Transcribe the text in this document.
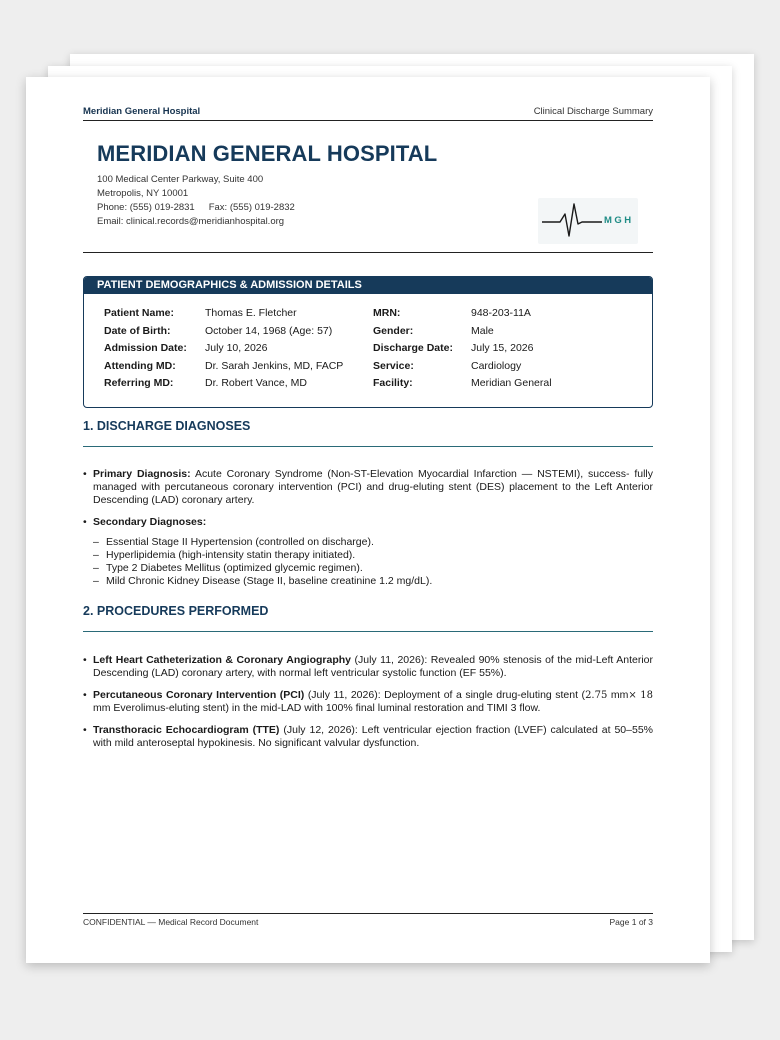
Meridian General Hospital	Clinical Discharge Summary
MERIDIAN GENERAL HOSPITAL
100 Medical Center Parkway, Suite 400
Metropolis, NY 10001
Phone: (555) 019-2831 Fax: (555) 019-2832
Email: clinical.records@meridianhospital.org	MGH
PATIENT DEMOGRAPHICS & ADMISSION DETAILS
Patient Name:	Thomas E. Fletcher	MRN:	948-203-11A
Date of Birth:	October 14, 1968 (Age: 57)	Gender:	Male
Admission Date:	July 10, 2026	Discharge Date:	July 15, 2026
Attending MD:	Dr. Sarah Jenkins, MD, FACP	Service:	Cardiology
Referring MD:	Dr. Robert Vance, MD	Facility:	Meridian General
1. DISCHARGE DIAGNOSES
• Primary Diagnosis: Acute Coronary Syndrome (Non-ST-Elevation Myocardial Infarction — NSTEMI), success- fully managed with percutaneous coronary intervention (PCI) and drug-eluting stent (DES) placement to the Left Anterior Descending (LAD) coronary artery.
• Secondary Diagnoses:
– Essential Stage II Hypertension (controlled on discharge).
– Hyperlipidemia (high-intensity statin therapy initiated).
– Type 2 Diabetes Mellitus (optimized glycemic regimen).
– Mild Chronic Kidney Disease (Stage II, baseline creatinine 1.2 mg/dL).
2. PROCEDURES PERFORMED
• Left Heart Catheterization & Coronary Angiography (July 11, 2026): Revealed 90% stenosis of the mid-Left Anterior Descending (LAD) coronary artery, with normal left ventricular systolic function (EF 55%).
• Percutaneous Coronary Intervention (PCI) (July 11, 2026): Deployment of a single drug-eluting stent (2.75 mm× 18 mm Everolimus-eluting stent) in the mid-LAD with 100% final luminal restoration and TIMI 3 flow.
• Transthoracic Echocardiogram (TTE) (July 12, 2026): Left ventricular ejection fraction (LVEF) calculated at 50–55% with mild anteroseptal hypokinesis. No significant valvular dysfunction.
CONFIDENTIAL — Medical Record Document	Page 1 of 3
